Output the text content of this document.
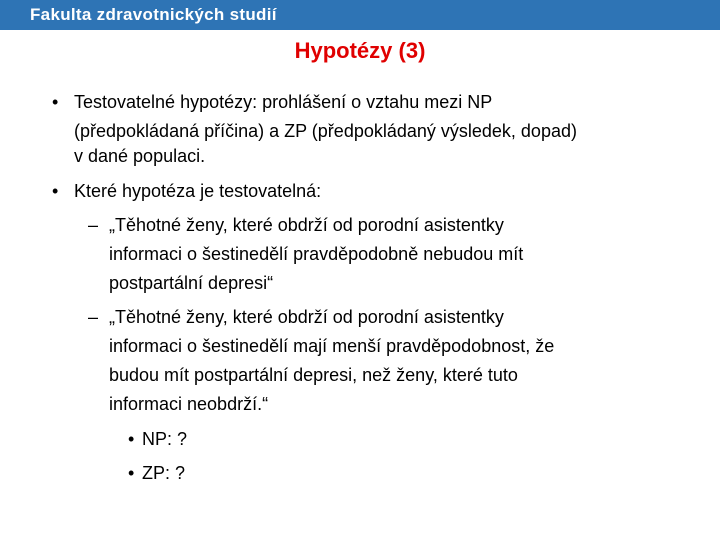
Fakulta zdravotnických studií
Hypotézy (3)
• Testovatelné hypotézy: prohlášení o vztahu mezi NP
(předpokládaná příčina) a ZP (předpokládaný výsledek, dopad)
v dané populaci.
• Které hypotéza je testovatelná:
– „Těhotné ženy, které obdrží od porodní asistentky
informaci o šestinedělí pravděpodobně nebudou mít
postpartální depresi“
– „Těhotné ženy, které obdrží od porodní asistentky
informaci o šestinedělí mají menší pravděpodobnost, že
budou mít postpartální depresi, než ženy, které tuto
informaci neobdrží.“
• NP: ?
• ZP: ?
